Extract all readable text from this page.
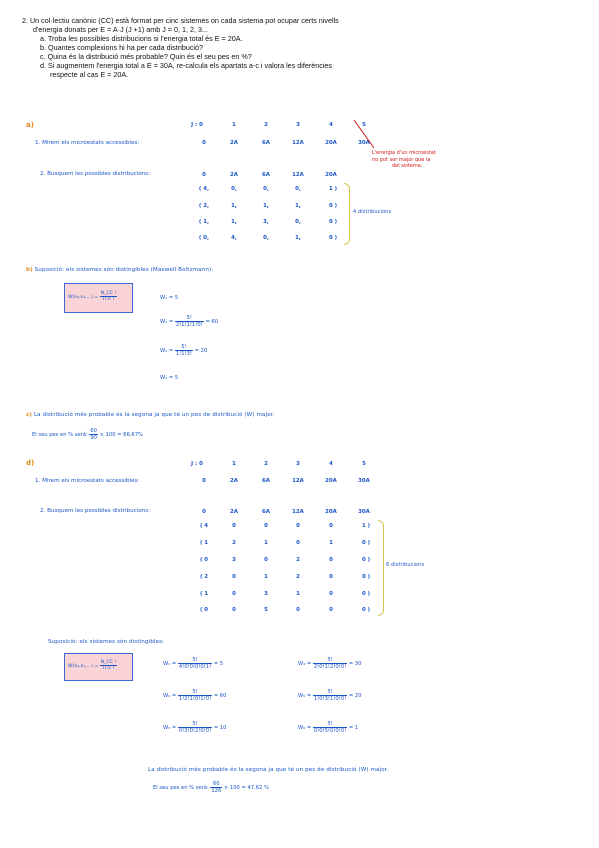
2. Un col·lectiu canònic (CC) està format per cinc sistemes on cada sistema pot ocupar certs nivells
d'energia donats per E = A·J (J +1) amb J = 0, 1, 2, 3...
a. Troba les possibles distribucions si l'energia total és E = 20A.
b. Quantes complexions hi ha per cada distribució?
c. Quina és la distribució més probable? Quin és el seu pes en %?
d. Si augmentem l'energia total a E = 30A, re-calcula els apartats a-c i valora les diferències
respecte al cas E = 20A.
a)	J : 0	1	2	3	4	5
1. Mirem els microestats accessibles:	0	2A	6A	12A	20A	30A
L'energia d'un microestat
no pot ser major que la
del sistema.
2. Busquem les possibles distribucions:	0	2A	6A	12A	20A
( 4,	0,	0,	0,	1 )
( 2,	1,	1,	1,	0 )
( 1,	1,	3,	0,	0 )
( 0,	4,	0,	1,	0 )
4 distribucions
b) Suposició: els sistemes són distingibles (Maxwell Boltzmann):
$W(n_0,n_1,...) = \frac{N\_CC !}{\text{Π nᵢ !}}$	W₁ = 5
$W_2 = \frac{5!}{2!1!1!1!0!} = 60$
$W_3 = \frac{5!}{1!1!3!} = 20$
W₄ = 5
c) La distribució més probable és la segona ja que té un pes de distribució (W) major.
El seu pes en % serà: $\frac{60}{90} \times 100 = 66,67\%$
d)	J : 0	1	2	3	4	5
1. Mirem els microestats accessibles:	0	2A	6A	12A	20A	30A
2. Busquem les possibles distribucions:	0	2A	6A	12A	20A	30A
( 4	0	0	0	0	1 )
( 1	2	1	0	1	0 )
( 0	3	0	2	0	0 )
( 2	0	1	2	0	0 )
( 1	0	3	1	0	0 )
( 0	0	5	0	0	0 )
6 distribucions
Suposició: els sistemes són distingibles:
$W(n_0,n_1,...) = \frac{N\_CC !}{\text{Π nᵢ !}}$	$W_1 = \frac{5!}{4!0!0!0!0!1!} = 5$
$W_2 = \frac{5!}{1!2!1!0!1!0!} = 60$
$W_3 = \frac{5!}{0!3!0!2!0!0!} = 10$
$W_4 = \frac{5!}{2!0!1!2!0!0!} = 30$
$W_5 = \frac{5!}{1!0!3!1!0!0!} = 20$
$W_6 = \frac{5!}{0!0!5!0!0!0!} = 1$
La distribució més probable és la segona ja que té un pes de distribució (W) major.
El seu pes en % serà: $\frac{60}{126} \times 100 = 47,62$ %
